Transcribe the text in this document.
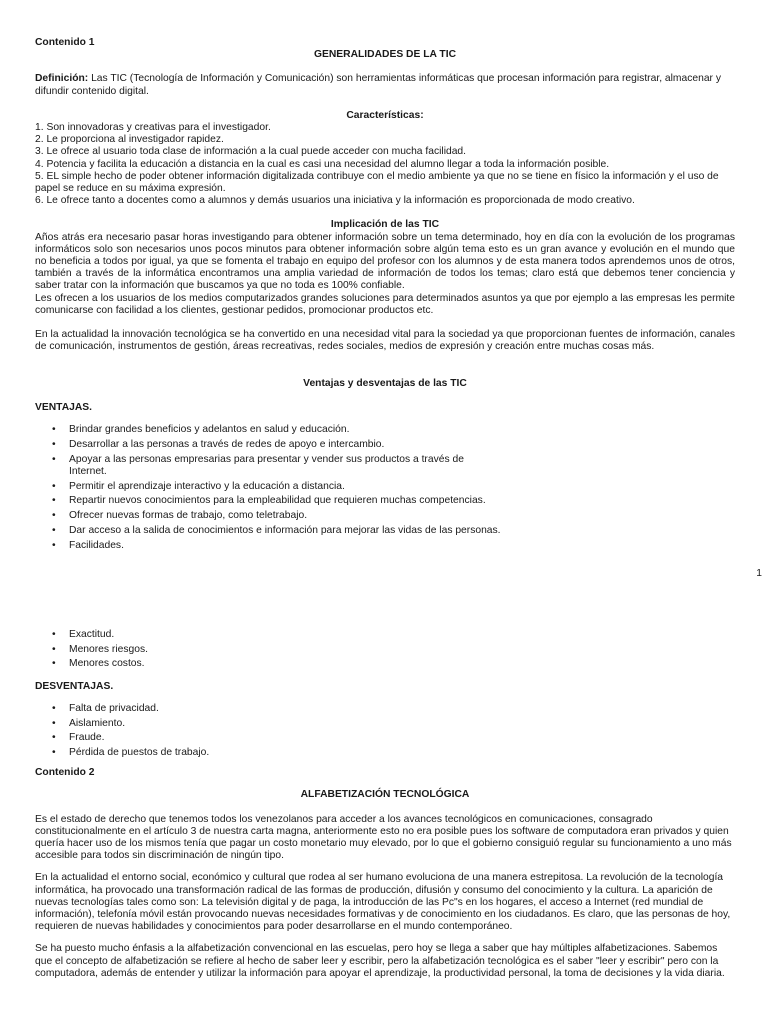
Contenido 1

GENERALIDADES DE LA TIC

Definición: Las TIC (Tecnología de Información y Comunicación) son herramientas informáticas que procesan información para registrar, almacenar y difundir contenido digital.

Características:

1. Son innovadoras y creativas para el investigador.

2. Le proporciona al investigador rapidez.

3. Le ofrece al usuario toda clase de información a la cual puede acceder con mucha facilidad.

4. Potencia y facilita la educación a distancia en la cual es casi una necesidad del alumno llegar a toda la información posible.

5. EL simple hecho de poder obtener información digitalizada contribuye con el medio ambiente ya que no se tiene en físico la información y el uso de papel se reduce en su máxima expresión.

6. Le ofrece tanto a docentes como a alumnos y demás usuarios una iniciativa y la información es proporcionada de modo creativo.

Implicación de las TIC

Años atrás era necesario pasar horas investigando para obtener información sobre un tema determinado, hoy en día con la evolución de los programas informáticos solo son necesarios unos pocos minutos para obtener información sobre algún tema esto es un gran avance y evolución en el mundo que no beneficia a todos por igual, ya que se fomenta el trabajo en equipo del profesor con los alumnos y de esta manera todos aprendemos unos de otros, también a través de la informática encontramos una amplia variedad de información de todos los temas; claro está que debemos tener conciencia y saber tratar con la información que buscamos ya que no toda es 100% confiable.

Les ofrecen a los usuarios de los medios computarizados grandes soluciones para determinados asuntos ya que por ejemplo a las empresas les permite comunicarse con facilidad a los clientes, gestionar pedidos, promocionar productos etc.

En la actualidad la innovación tecnológica se ha convertido en una necesidad vital para la sociedad ya que proporcionan fuentes de información, canales de comunicación, instrumentos de gestión, áreas recreativas, redes sociales, medios de expresión y creación entre muchas cosas más.

Ventajas y desventajas de las TIC

VENTAJAS.

• Brindar grandes beneficios y adelantos en salud y educación.
• Desarrollar a las personas a través de redes de apoyo e intercambio.
• Apoyar a las personas empresarias para presentar y vender sus productos a través de Internet.
• Permitir el aprendizaje interactivo y la educación a distancia.
• Repartir nuevos conocimientos para la empleabilidad que requieren muchas competencias.
• Ofrecer nuevas formas de trabajo, como teletrabajo.
• Dar acceso a la salida de conocimientos e información para mejorar las vidas de las personas.
• Facilidades.
1
• Exactitud.
• Menores riesgos.
• Menores costos.

DESVENTAJAS.

• Falta de privacidad.
• Aislamiento.
• Fraude.
• Pérdida de puestos de trabajo.

Contenido 2

ALFABETIZACIÓN TECNOLÓGICA

Es el estado de derecho que tenemos todos los venezolanos para acceder a los avances tecnológicos en comunicaciones, consagrado constitucionalmente en el artículo 3 de nuestra carta magna, anteriormente esto no era posible pues los software de computadora eran privados y quien quería hacer uso de los mismos tenía que pagar un costo monetario muy elevado, por lo que el gobierno consiguió regular su funcionamiento a uno más accesible para todos sin discriminación de ningún tipo.

En la actualidad el entorno social, económico y cultural que rodea al ser humano evoluciona de una manera estrepitosa. La revolución de la tecnología informática, ha provocado una transformación radical de las formas de producción, difusión y consumo del conocimiento y la cultura. La aparición de nuevas tecnologías tales como son: La televisión digital y de paga, la introducción de las Pc"s en los hogares, el acceso a Internet (red mundial de información), telefonía móvil están provocando nuevas necesidades formativas y de conocimiento en los ciudadanos. Es claro, que las personas de hoy, requieren de nuevas habilidades y conocimientos para poder desarrollarse en el mundo contemporáneo.

Se ha puesto mucho énfasis a la alfabetización convencional en las escuelas, pero hoy se llega a saber que hay múltiples alfabetizaciones. Sabemos que el concepto de alfabetización se refiere al hecho de saber leer y escribir, pero la alfabetización tecnológica es el saber "leer y escribir" pero con la computadora, además de entender y utilizar la información para apoyar el aprendizaje, la productividad personal, la toma de decisiones y la vida diaria.
